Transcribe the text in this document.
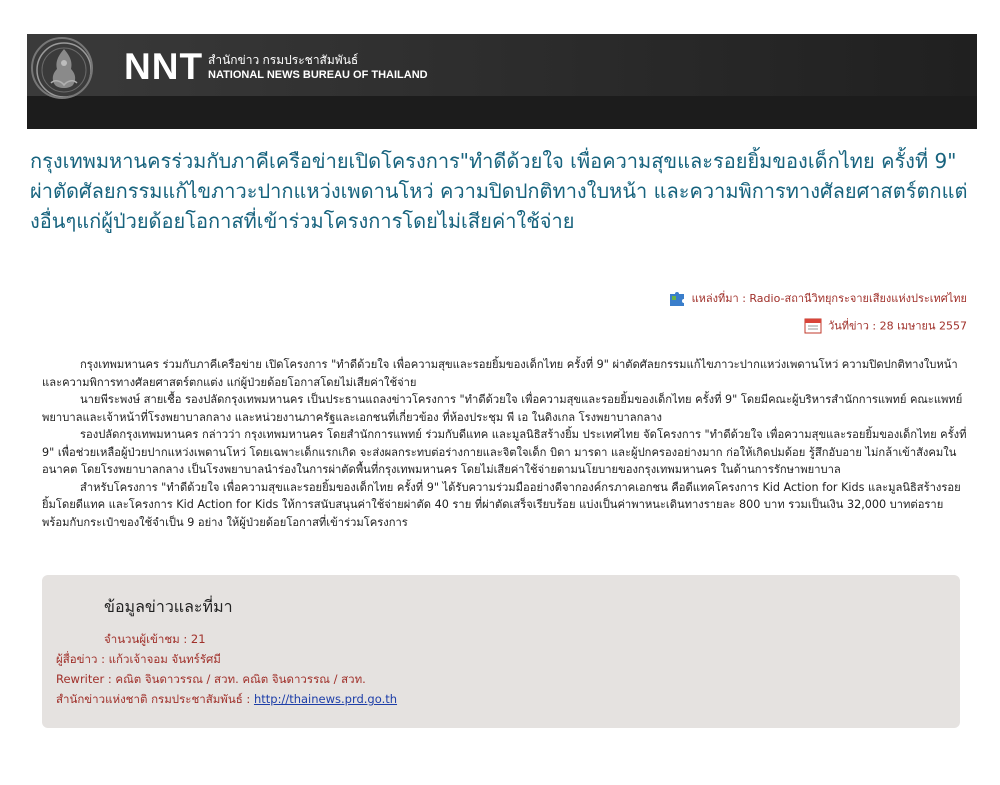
NNT สำนักข่าว กรมประชาสัมพันธ์
NATIONAL NEWS BUREAU OF THAILAND
กรุงเทพมหานครร่วมกับภาคีเครือข่ายเปิดโครงการ"ทำดีด้วยใจ เพื่อความสุขและรอยยิ้มของเด็กไทย ครั้งที่ 9" ผ่าตัดศัลยกรรมแก้ไขภาวะปากแหว่งเพดานโหว่ ความปิดปกติทางใบหน้า และความพิการทางศัลยศาสตร์ตกแต่งอื่นๆแก่ผู้ป่วยด้อยโอกาสที่เข้าร่วมโครงการโดยไม่เสียค่าใช้จ่าย
แหล่งที่มา : Radio-สถานีวิทยุกระจายเสียงแห่งประเทศไทย
วันที่ข่าว : 28 เมษายน 2557

กรุงเทพมหานคร ร่วมกับภาคีเครือข่าย เปิดโครงการ "ทำดีด้วยใจ เพื่อความสุขและรอยยิ้มของเด็กไทย ครั้งที่ 9" ผ่าตัดศัลยกรรมแก้ไขภาวะปากแหว่งเพดานโหว่ ความปิดปกติทางใบหน้า และความพิการทางศัลยศาสตร์ตกแต่ง แก่ผู้ป่วยด้อยโอกาสโดยไม่เสียค่าใช้จ่าย

นายพีระพงษ์ สายเชื้อ รองปลัดกรุงเทพมหานคร เป็นประธานแถลงข่าวโครงการ "ทำดีด้วยใจ เพื่อความสุขและรอยยิ้มของเด็กไทย ครั้งที่ 9" โดยมีคณะผู้บริหารสำนักการแพทย์ คณะแพทย์พยาบาลและเจ้าหน้าที่โรงพยาบาลกลาง และหน่วยงานภาครัฐและเอกชนที่เกี่ยวข้อง ที่ห้องประชุม พี เอ ในดิงเกล โรงพยาบาลกลาง

รองปลัดกรุงเทพมหานคร กล่าวว่า กรุงเทพมหานคร โดยสำนักการแพทย์ ร่วมกับดีแทค และมูลนิธิสร้างยิ้ม ประเทศไทย จัดโครงการ "ทำดีด้วยใจ เพื่อความสุขและรอยยิ้มของเด็กไทย ครั้งที่ 9" เพื่อช่วยเหลือผู้ป่วยปากแหว่งเพดานโหว่ โดยเฉพาะเด็กแรกเกิด จะส่งผลกระทบต่อร่างกายและจิตใจเด็ก บิดา มารดา และผู้ปกครองอย่างมาก ก่อให้เกิดปมด้อย รู้สึกอับอาย ไม่กล้าเข้าสังคมในอนาคต โดยโรงพยาบาลกลาง เป็นโรงพยาบาลนำร่องในการผ่าตัดพื้นที่กรุงเทพมหานคร โดยไม่เสียค่าใช้จ่ายตามนโยบายของกรุงเทพมหานคร ในด้านการรักษาพยาบาล

สำหรับโครงการ "ทำดีด้วยใจ เพื่อความสุขและรอยยิ้มของเด็กไทย ครั้งที่ 9" ได้รับความร่วมมืออย่างดีจากองค์กรภาคเอกชน คือดีแทคโครงการ Kid Action for Kids และมูลนิธิสร้างรอยยิ้มโดยดีแทค และโครงการ Kid Action for Kids ให้การสนับสนุนค่าใช้จ่ายผ่าตัด 40 ราย ที่ผ่าตัดเสร็จเรียบร้อย แบ่งเป็นค่าพาหนะเดินทางรายละ 800 บาท รวมเป็นเงิน 32,000 บาทต่อราย พร้อมกับกระเป๋าของใช้จำเป็น 9 อย่าง ให้ผู้ป่วยด้อยโอกาสที่เข้าร่วมโครงการ

ข้อมูลข่าวและที่มา
จำนวนผู้เข้าชม : 21
ผู้สื่อข่าว : แก้วเจ้าจอม จันทร์รัศมี
Rewriter : คณิต จินดาวรรณ / สวท. คณิต จินดาวรรณ / สวท.
สำนักข่าวแห่งชาติ กรมประชาสัมพันธ์ : http://thainews.prd.go.th
